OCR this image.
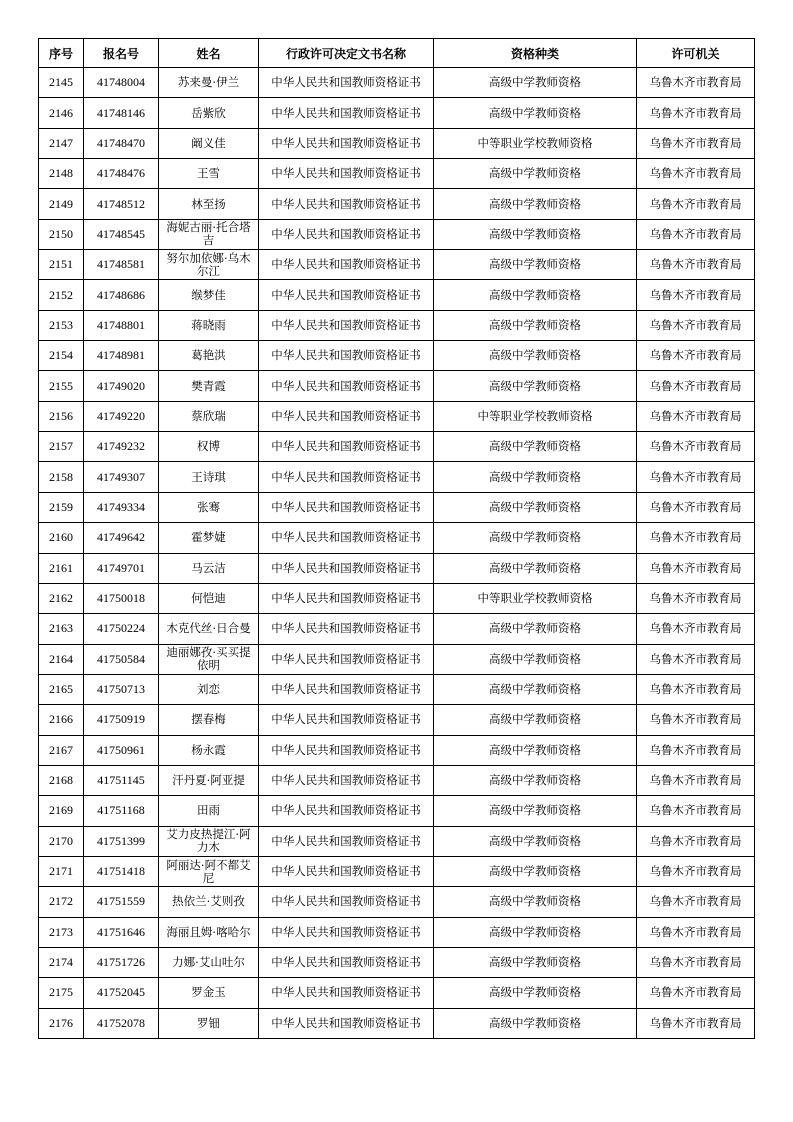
序号	报名号	姓名	行政许可决定文书名称	资格种类	许可机关
2145	41748004	苏来曼·伊兰	中华人民共和国教师资格证书	高级中学教师资格	乌鲁木齐市教育局
2146	41748146	岳紫欣	中华人民共和国教师资格证书	高级中学教师资格	乌鲁木齐市教育局
2147	41748470	阚义佳	中华人民共和国教师资格证书	中等职业学校教师资格	乌鲁木齐市教育局
2148	41748476	王雪	中华人民共和国教师资格证书	高级中学教师资格	乌鲁木齐市教育局
2149	41748512	林至扬	中华人民共和国教师资格证书	高级中学教师资格	乌鲁木齐市教育局
2150	41748545	海妮古丽·托合塔吉	中华人民共和国教师资格证书	高级中学教师资格	乌鲁木齐市教育局
2151	41748581	努尔加依娜·乌木尔江	中华人民共和国教师资格证书	高级中学教师资格	乌鲁木齐市教育局
2152	41748686	缑梦佳	中华人民共和国教师资格证书	高级中学教师资格	乌鲁木齐市教育局
2153	41748801	蒋晓雨	中华人民共和国教师资格证书	高级中学教师资格	乌鲁木齐市教育局
2154	41748981	葛艳洪	中华人民共和国教师资格证书	高级中学教师资格	乌鲁木齐市教育局
2155	41749020	樊青霞	中华人民共和国教师资格证书	高级中学教师资格	乌鲁木齐市教育局
2156	41749220	蔡欣瑞	中华人民共和国教师资格证书	中等职业学校教师资格	乌鲁木齐市教育局
2157	41749232	权博	中华人民共和国教师资格证书	高级中学教师资格	乌鲁木齐市教育局
2158	41749307	王诗琪	中华人民共和国教师资格证书	高级中学教师资格	乌鲁木齐市教育局
2159	41749334	张骞	中华人民共和国教师资格证书	高级中学教师资格	乌鲁木齐市教育局
2160	41749642	霍梦婕	中华人民共和国教师资格证书	高级中学教师资格	乌鲁木齐市教育局
2161	41749701	马云洁	中华人民共和国教师资格证书	高级中学教师资格	乌鲁木齐市教育局
2162	41750018	何恺迪	中华人民共和国教师资格证书	中等职业学校教师资格	乌鲁木齐市教育局
2163	41750224	木克代丝·日合曼	中华人民共和国教师资格证书	高级中学教师资格	乌鲁木齐市教育局
2164	41750584	迪丽娜孜·买买提依明	中华人民共和国教师资格证书	高级中学教师资格	乌鲁木齐市教育局
2165	41750713	刘恋	中华人民共和国教师资格证书	高级中学教师资格	乌鲁木齐市教育局
2166	41750919	摆春梅	中华人民共和国教师资格证书	高级中学教师资格	乌鲁木齐市教育局
2167	41750961	杨永霞	中华人民共和国教师资格证书	高级中学教师资格	乌鲁木齐市教育局
2168	41751145	汗丹夏·阿亚提	中华人民共和国教师资格证书	高级中学教师资格	乌鲁木齐市教育局
2169	41751168	田雨	中华人民共和国教师资格证书	高级中学教师资格	乌鲁木齐市教育局
2170	41751399	艾力皮热提江·阿力木	中华人民共和国教师资格证书	高级中学教师资格	乌鲁木齐市教育局
2171	41751418	阿丽达·阿不都艾尼	中华人民共和国教师资格证书	高级中学教师资格	乌鲁木齐市教育局
2172	41751559	热依兰·艾则孜	中华人民共和国教师资格证书	高级中学教师资格	乌鲁木齐市教育局
2173	41751646	海丽且姆·喀哈尔	中华人民共和国教师资格证书	高级中学教师资格	乌鲁木齐市教育局
2174	41751726	力娜·艾山吐尔	中华人民共和国教师资格证书	高级中学教师资格	乌鲁木齐市教育局
2175	41752045	罗金玉	中华人民共和国教师资格证书	高级中学教师资格	乌鲁木齐市教育局
2176	41752078	罗钿	中华人民共和国教师资格证书	高级中学教师资格	乌鲁木齐市教育局
